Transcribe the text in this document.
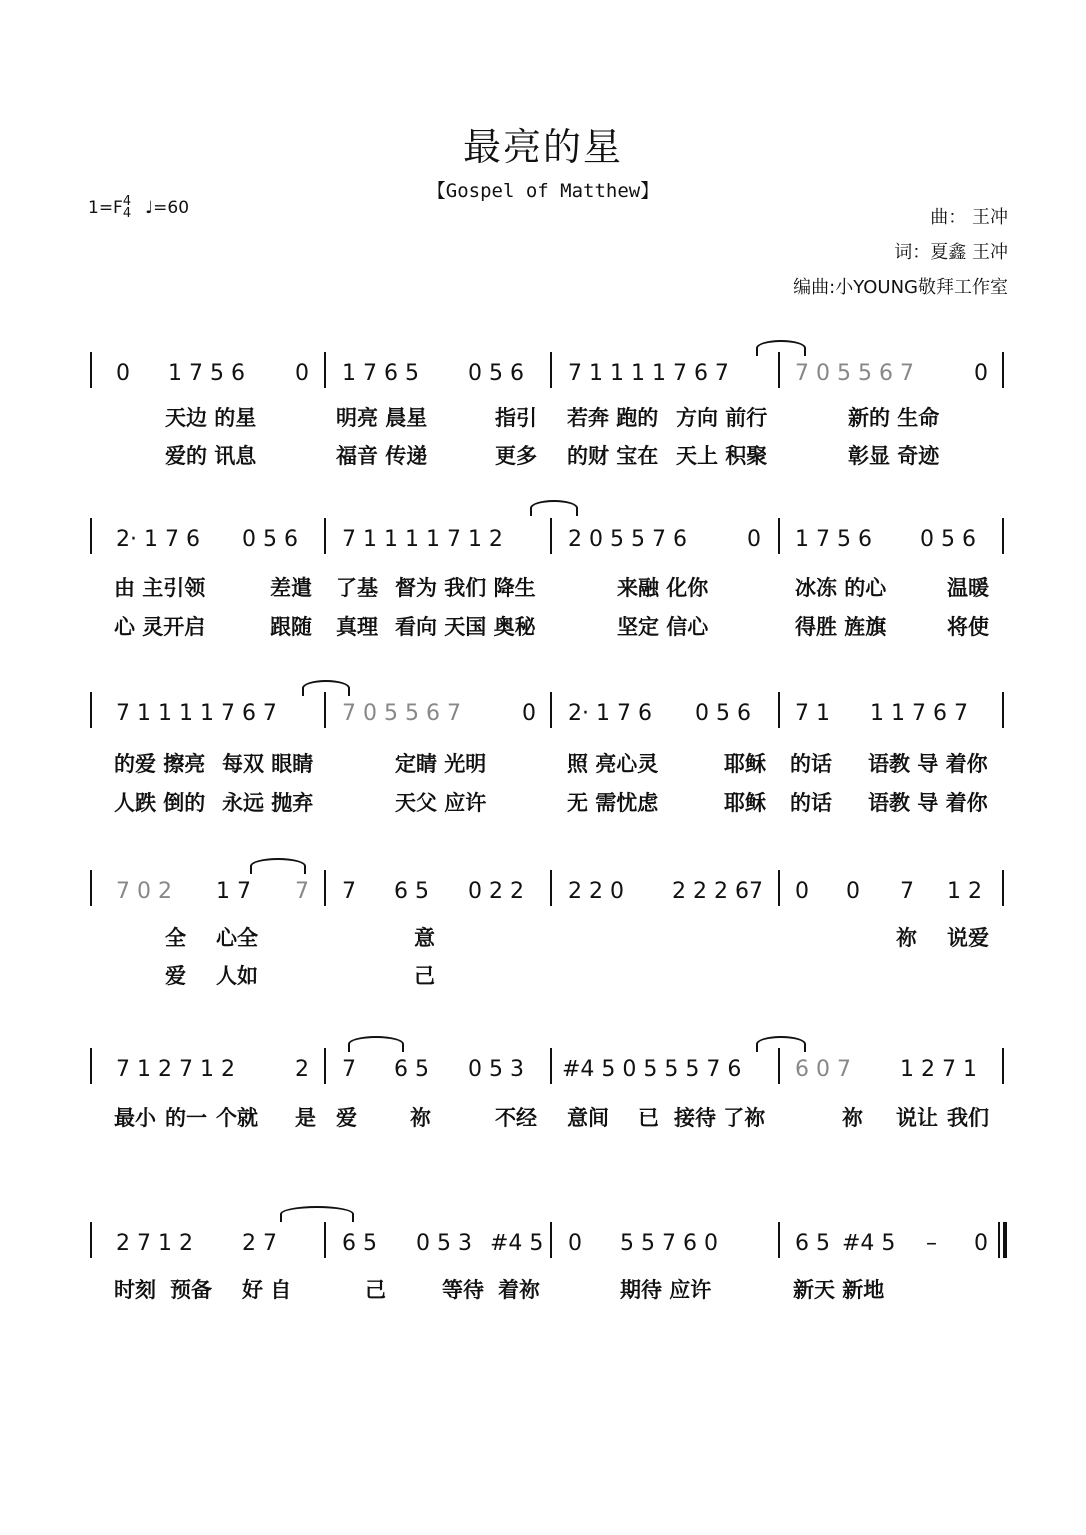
最亮的星
【Gospel of Matthew】
1=F4
4 ♩=60	曲： 王冲
词：夏鑫 王冲
编曲:小YOUNG敬拜工作室
0 1 7 5 6 0 1 7 6 5 0 5 6 7 1 1 1 1 7 6 7	7 0 5 5 6 7	0
天边 的星	明亮 晨星	指引 若奔 跑的 方向 前行	新的 生命
爱的 讯息	福音 传递	更多 的财 宝在 天上 积聚	彰显 奇迹
2· 1 7 6 0 5 6 7 1 1 1 1 7 1 2	2 0 5 5 7 6	0 1 7 5 6 0 5 6
由 主引领	差遣 了基 督为 我们 降生	来融 化你	冰冻 的心	温暖
心 灵开启	跟随 真理 看向 天国 奥秘	坚定 信心	得胜 旌旗	将使
7 1 1 1 1 7 6 7	7 0 5 5 6 7	0 2· 1 7 6 0 5 6 7 1 1 1 7 6 7
的爱 擦亮 每双 眼睛	定睛 光明	照 亮心灵	耶稣 的话 语教 导 着你
人跌 倒的 永远 抛弃	天父 应许	无 需忧虑	耶稣 的话 语教 导 着你
7 0 2 1 7 7 7 6 5 0 2 2 2 2 0 2 2 2 67 0 0 7 1 2
全 心全	意	祢 说爱
爱 人如	己
7 1 2 7 1 2	2 7 6 5 0 5 3 #4 5 0 5 5 5 7 6 6 0 7 1 2 7 1
最小 的一 个就 是 爱	祢	不经 意间 已 接待 了祢	祢 说让 我们
2 7 1 2 2 7	6 5 0 5 3 #4 5 0 5 5 7 6 0	6 5 #4 5 – 0
时刻 预备 好 自	己	等待 着祢	期待 应许	新天 新地
